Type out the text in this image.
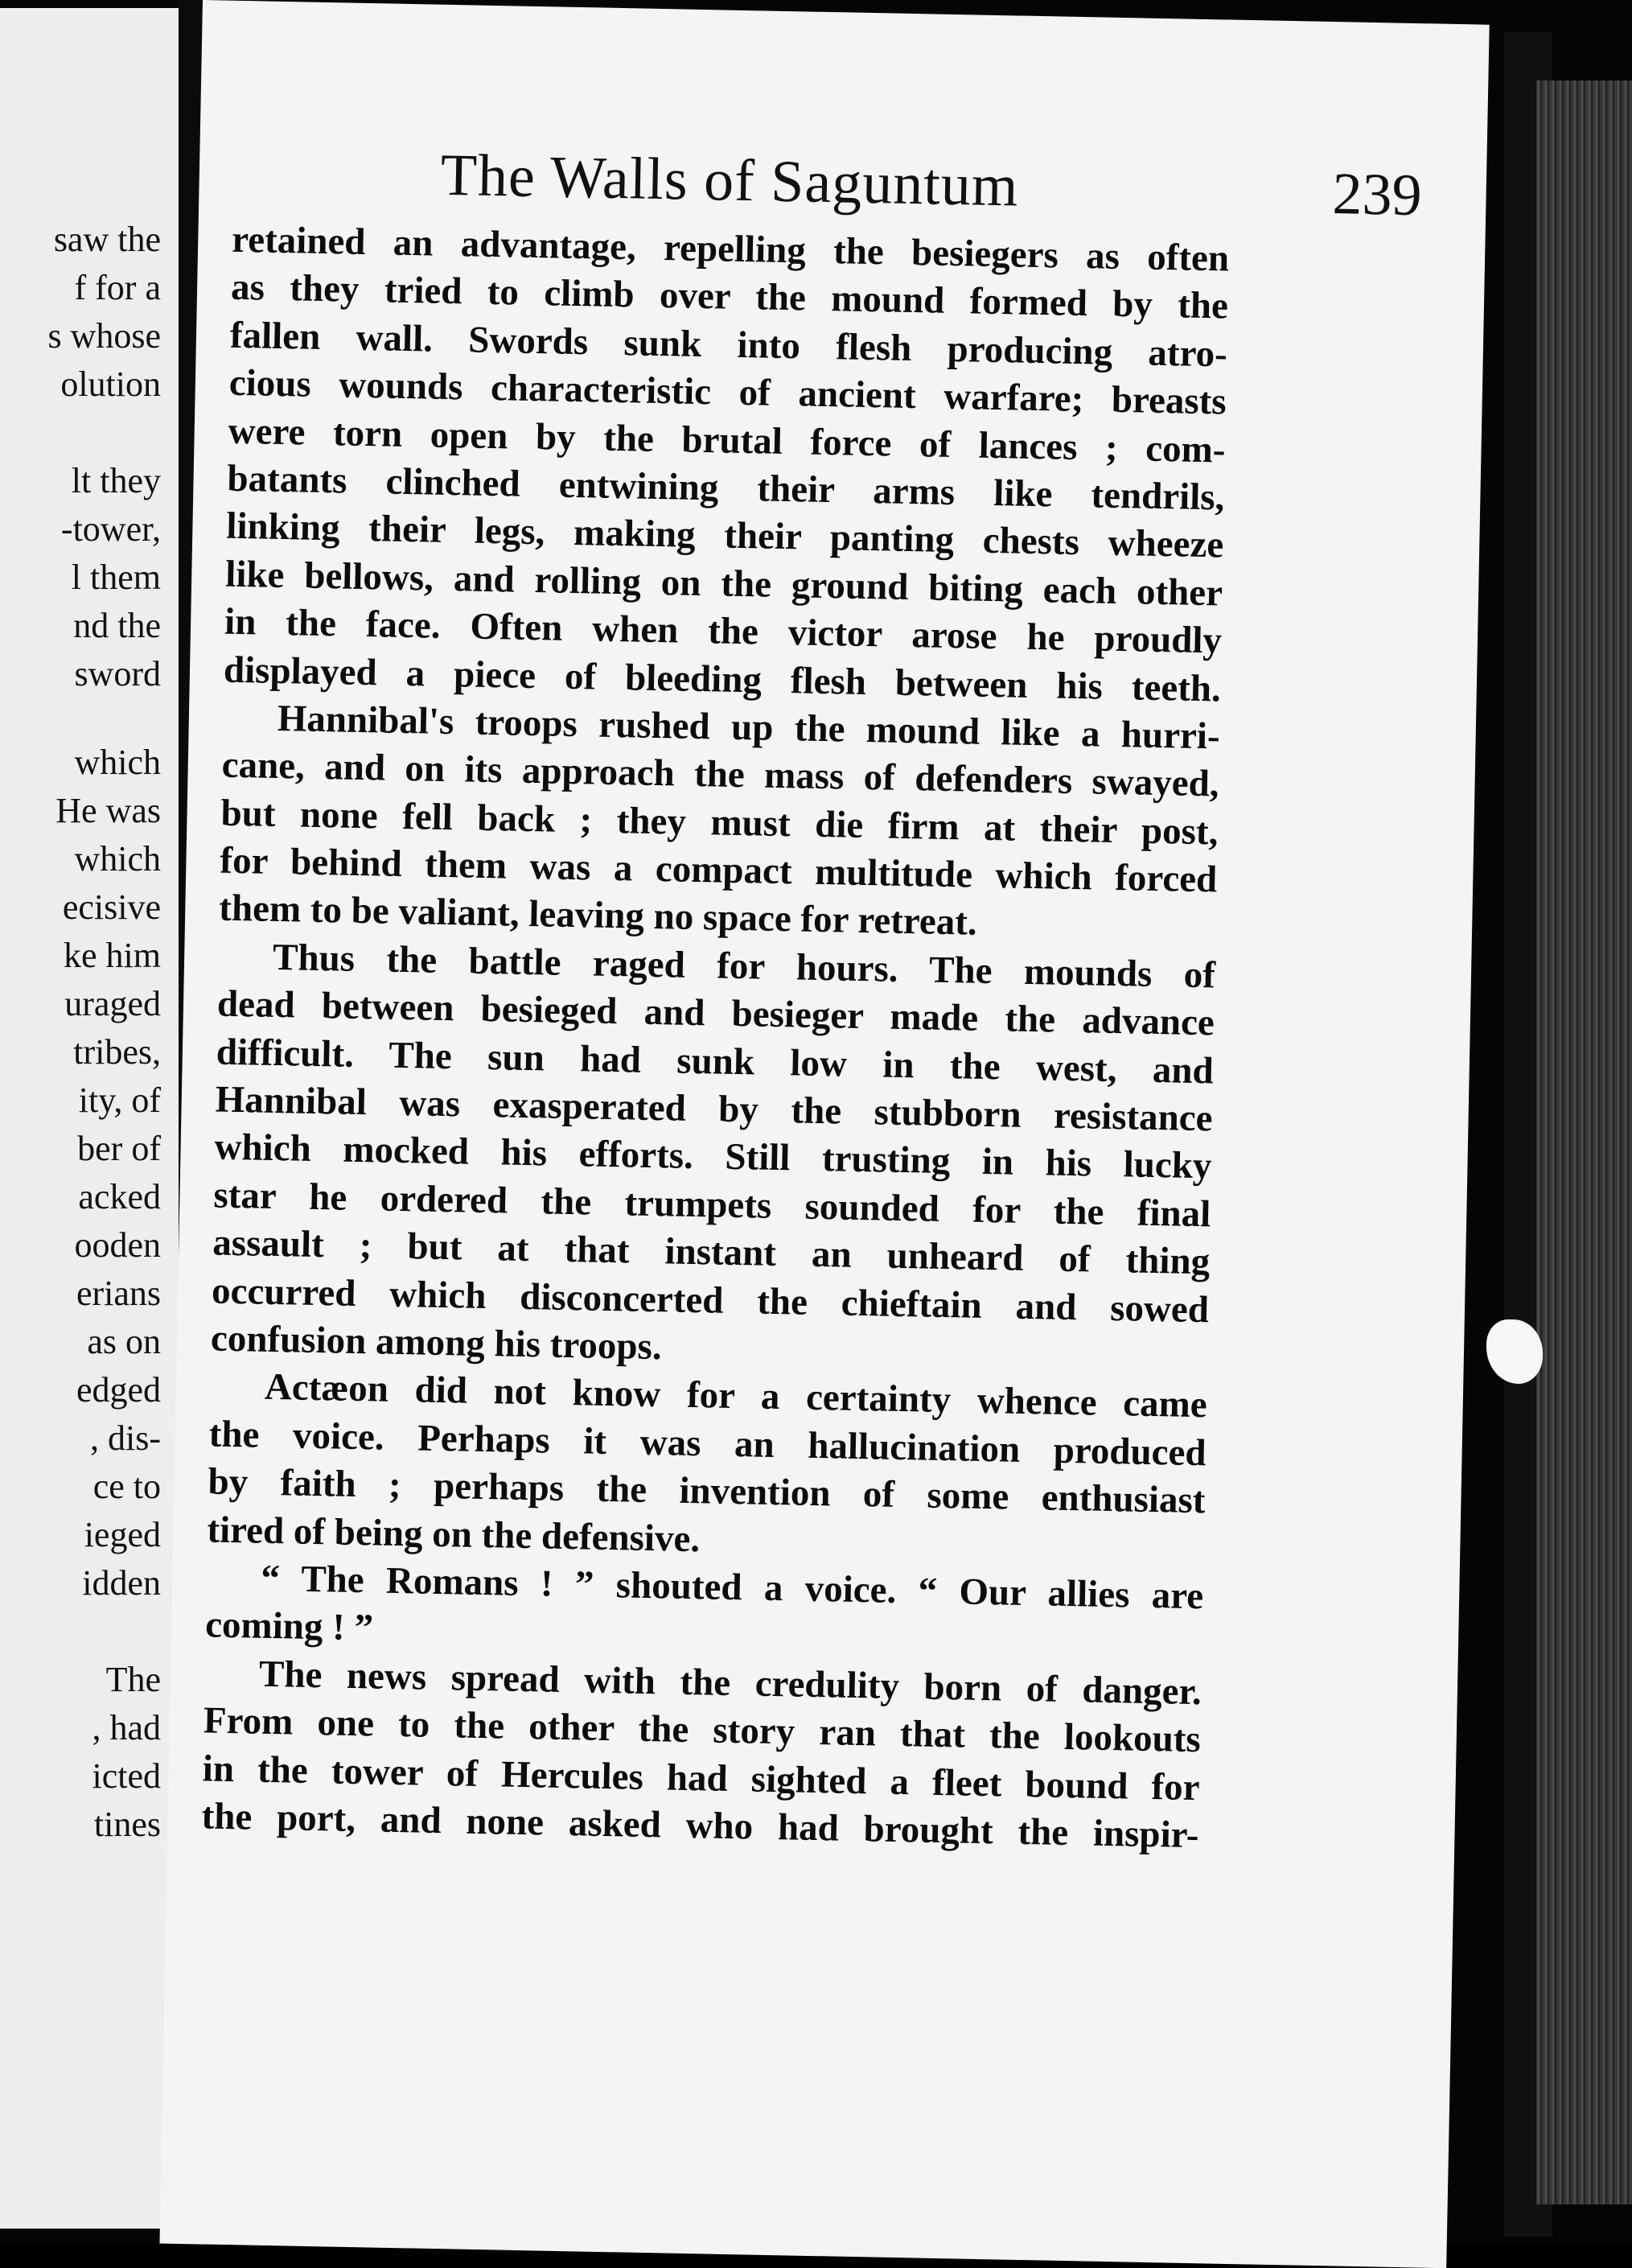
saw the
f for a
s whose
olution
lt they
-tower,
l them
nd the
sword
which
He was
which
ecisive
ke him
uraged
tribes,
ity, of
ber of
acked
ooden
erians
as on
edged
, dis-
ce to
ieged
idden
The
, had
icted
tines
The Walls of Saguntum	239
retained an advantage, repelling the besiegers as often
as they tried to climb over the mound formed by the
fallen wall. Swords sunk into flesh producing atro-
cious wounds characteristic of ancient warfare; breasts
were torn open by the brutal force of lances ; com-
batants clinched entwining their arms like tendrils,
linking their legs, making their panting chests wheeze
like bellows, and rolling on the ground biting each other
in the face. Often when the victor arose he proudly
displayed a piece of bleeding flesh between his teeth.
Hannibal's troops rushed up the mound like a hurri-
cane, and on its approach the mass of defenders swayed,
but none fell back ; they must die firm at their post,
for behind them was a compact multitude which forced
them to be valiant, leaving no space for retreat.
Thus the battle raged for hours. The mounds of
dead between besieged and besieger made the advance
difficult. The sun had sunk low in the west, and
Hannibal was exasperated by the stubborn resistance
which mocked his efforts. Still trusting in his lucky
star he ordered the trumpets sounded for the final
assault ; but at that instant an unheard of thing
occurred which disconcerted the chieftain and sowed
confusion among his troops.
Actæon did not know for a certainty whence came
the voice. Perhaps it was an hallucination produced
by faith ; perhaps the invention of some enthusiast
tired of being on the defensive.
“ The Romans ! ” shouted a voice. “ Our allies are
coming ! ”
The news spread with the credulity born of danger.
From one to the other the story ran that the lookouts
in the tower of Hercules had sighted a fleet bound for
the port, and none asked who had brought the inspir-
